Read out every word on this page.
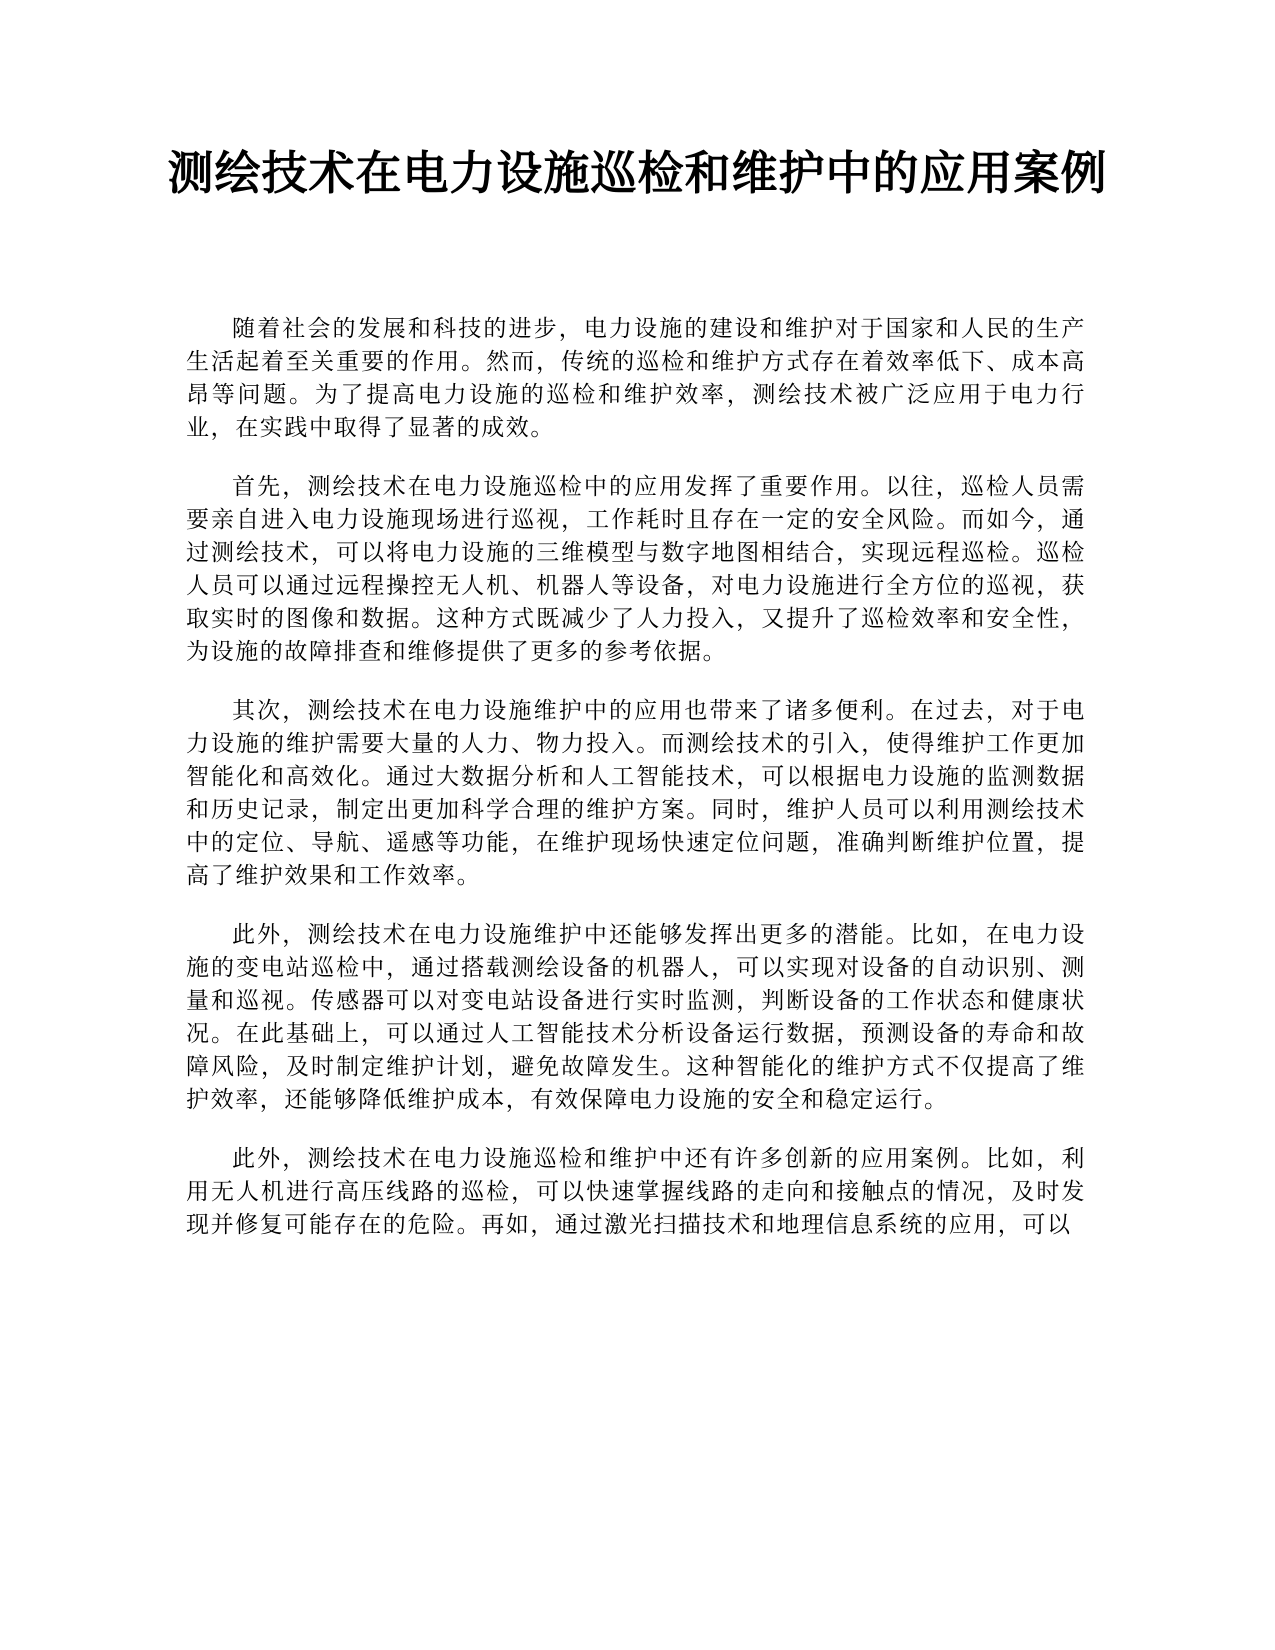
测绘技术在电力设施巡检和维护中的应用案例

随着社会的发展和科技的进步，电力设施的建设和维护对于国家和人民的生产生活起着至关重要的作用。然而，传统的巡检和维护方式存在着效率低下、成本高昂等问题。为了提高电力设施的巡检和维护效率，测绘技术被广泛应用于电力行业，在实践中取得了显著的成效。

首先，测绘技术在电力设施巡检中的应用发挥了重要作用。以往，巡检人员需要亲自进入电力设施现场进行巡视，工作耗时且存在一定的安全风险。而如今，通过测绘技术，可以将电力设施的三维模型与数字地图相结合，实现远程巡检。巡检人员可以通过远程操控无人机、机器人等设备，对电力设施进行全方位的巡视，获取实时的图像和数据。这种方式既减少了人力投入，又提升了巡检效率和安全性，为设施的故障排查和维修提供了更多的参考依据。

其次，测绘技术在电力设施维护中的应用也带来了诸多便利。在过去，对于电力设施的维护需要大量的人力、物力投入。而测绘技术的引入，使得维护工作更加智能化和高效化。通过大数据分析和人工智能技术，可以根据电力设施的监测数据和历史记录，制定出更加科学合理的维护方案。同时，维护人员可以利用测绘技术中的定位、导航、遥感等功能，在维护现场快速定位问题，准确判断维护位置，提高了维护效果和工作效率。

此外，测绘技术在电力设施维护中还能够发挥出更多的潜能。比如，在电力设施的变电站巡检中，通过搭载测绘设备的机器人，可以实现对设备的自动识别、测量和巡视。传感器可以对变电站设备进行实时监测，判断设备的工作状态和健康状况。在此基础上，可以通过人工智能技术分析设备运行数据，预测设备的寿命和故障风险，及时制定维护计划，避免故障发生。这种智能化的维护方式不仅提高了维护效率，还能够降低维护成本，有效保障电力设施的安全和稳定运行。

此外，测绘技术在电力设施巡检和维护中还有许多创新的应用案例。比如，利用无人机进行高压线路的巡检，可以快速掌握线路的走向和接触点的情况，及时发现并修复可能存在的危险。再如，通过激光扫描技术和地理信息系统的应用，可以
